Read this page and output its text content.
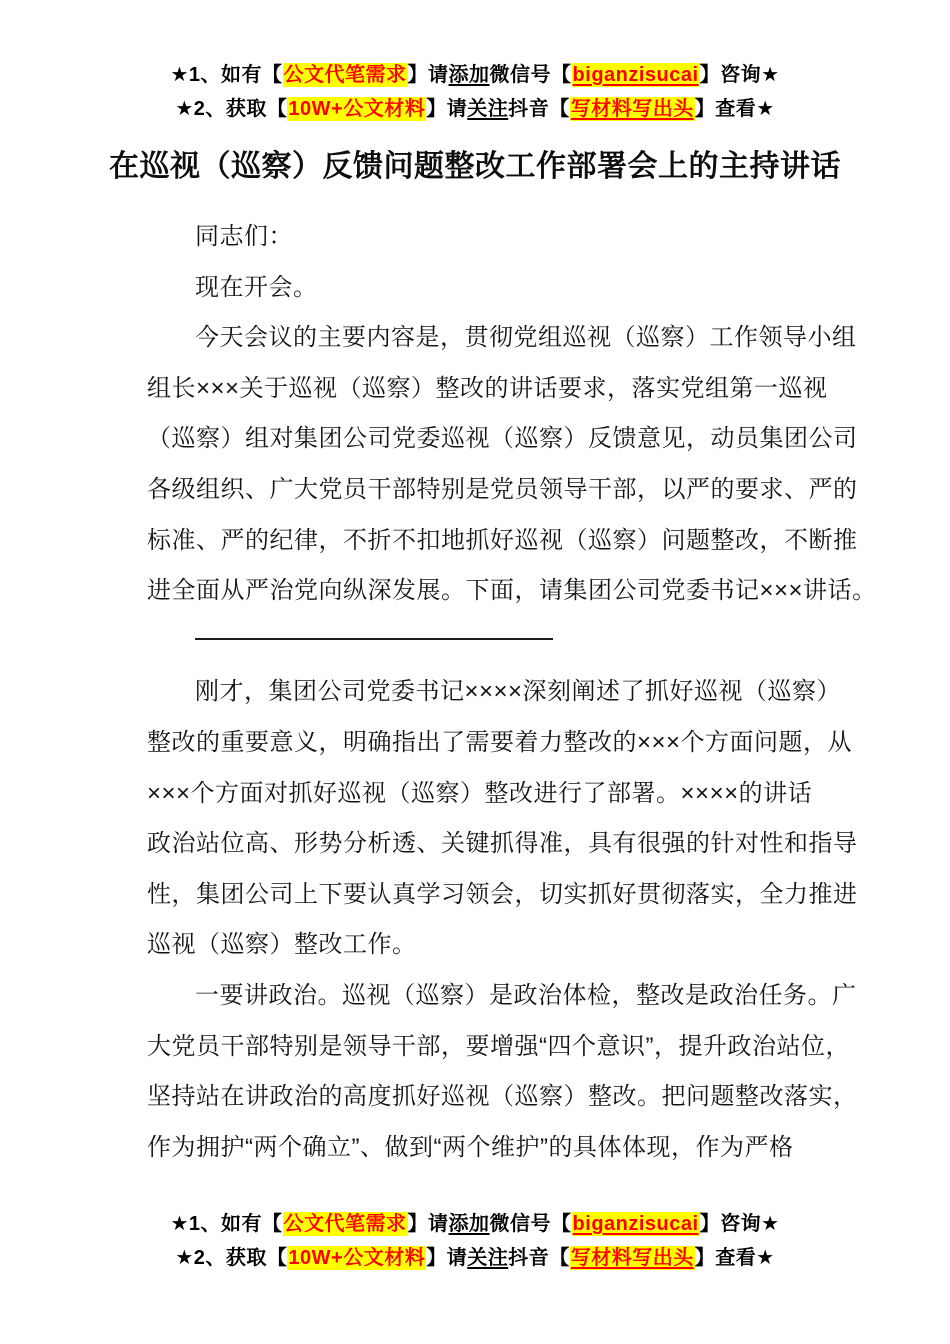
★1、如有【公文代笔需求】请添加微信号【biganzisucai】咨询★
★2、获取【10W+公文材料】请关注抖音【写材料写出头】查看★
在巡视（巡察）反馈问题整改工作部署会上的主持讲话
同志们：
现在开会。
今天会议的主要内容是，贯彻党组巡视（巡察）工作领导小组
组长×××关于巡视（巡察）整改的讲话要求，落实党组第一巡视
（巡察）组对集团公司党委巡视（巡察）反馈意见，动员集团公司
各级组织、广大党员干部特别是党员领导干部，以严的要求、严的
标准、严的纪律，不折不扣地抓好巡视（巡察）问题整改，不断推
进全面从严治党向纵深发展。下面，请集团公司党委书记×××讲话。
刚才，集团公司党委书记××××深刻阐述了抓好巡视（巡察）
整改的重要意义，明确指出了需要着力整改的×××个方面问题，从
×××个方面对抓好巡视（巡察）整改进行了部署。××××的讲话
政治站位高、形势分析透、关键抓得准，具有很强的针对性和指导
性，集团公司上下要认真学习领会，切实抓好贯彻落实，全力推进
巡视（巡察）整改工作。
一要讲政治。巡视（巡察）是政治体检，整改是政治任务。广
大党员干部特别是领导干部，要增强“四个意识”，提升政治站位，
坚持站在讲政治的高度抓好巡视（巡察）整改。把问题整改落实，
作为拥护“两个确立”、做到“两个维护”的具体体现，作为严格
★1、如有【公文代笔需求】请添加微信号【biganzisucai】咨询★
★2、获取【10W+公文材料】请关注抖音【写材料写出头】查看★
